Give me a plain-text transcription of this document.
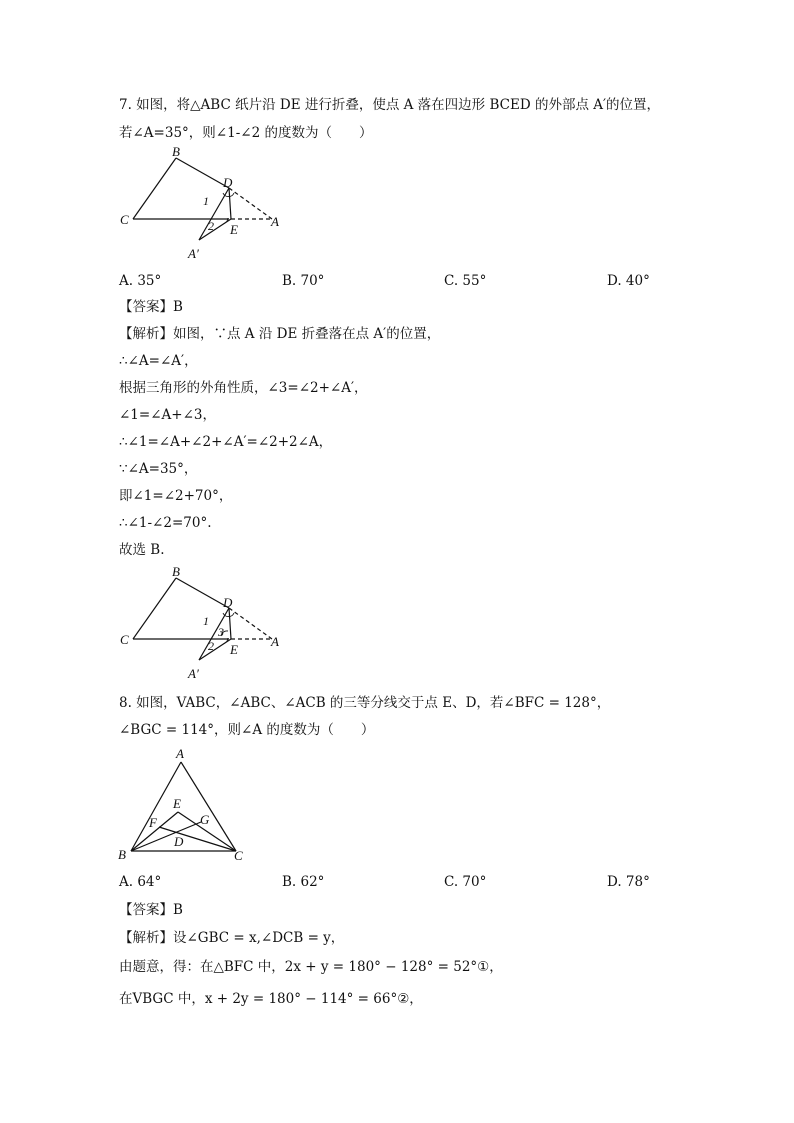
7. 如图，将△ABC 纸片沿 DE 进行折叠，使点 A 落在四边形 BCED 的外部点 A′的位置，
若∠A=35°，则∠1-∠2 的度数为（　　）
B
C
D
A
E
A′
1
2
A. 35°	B. 70°	C. 55°	D. 40°
【答案】B
【解析】如图，∵点 A 沿 DE 折叠落在点 A′的位置，
∴∠A=∠A′，
根据三角形的外角性质，∠3=∠2+∠A′，
∠1=∠A+∠3，
∴∠1=∠A+∠2+∠A′=∠2+2∠A，
∵∠A=35°，
即∠1=∠2+70°，
∴∠1-∠2=70°.
故选 B.
B
C
D
A
E
A′
1
3
2
8. 如图，VABC，∠ABC、∠ACB 的三等分线交于点 E、D，若∠BFC = 128°，
∠BGC = 114°，则∠A 的度数为（　　）
A
B	C
E
F	G
D
A. 64°	B. 62°	C. 70°	D. 78°
【答案】B
【解析】设∠GBC = x,∠DCB = y，
由题意，得：在△BFC 中，2x + y = 180° − 128° = 52°①，
在VBGC 中，x + 2y = 180° − 114° = 66°②，
